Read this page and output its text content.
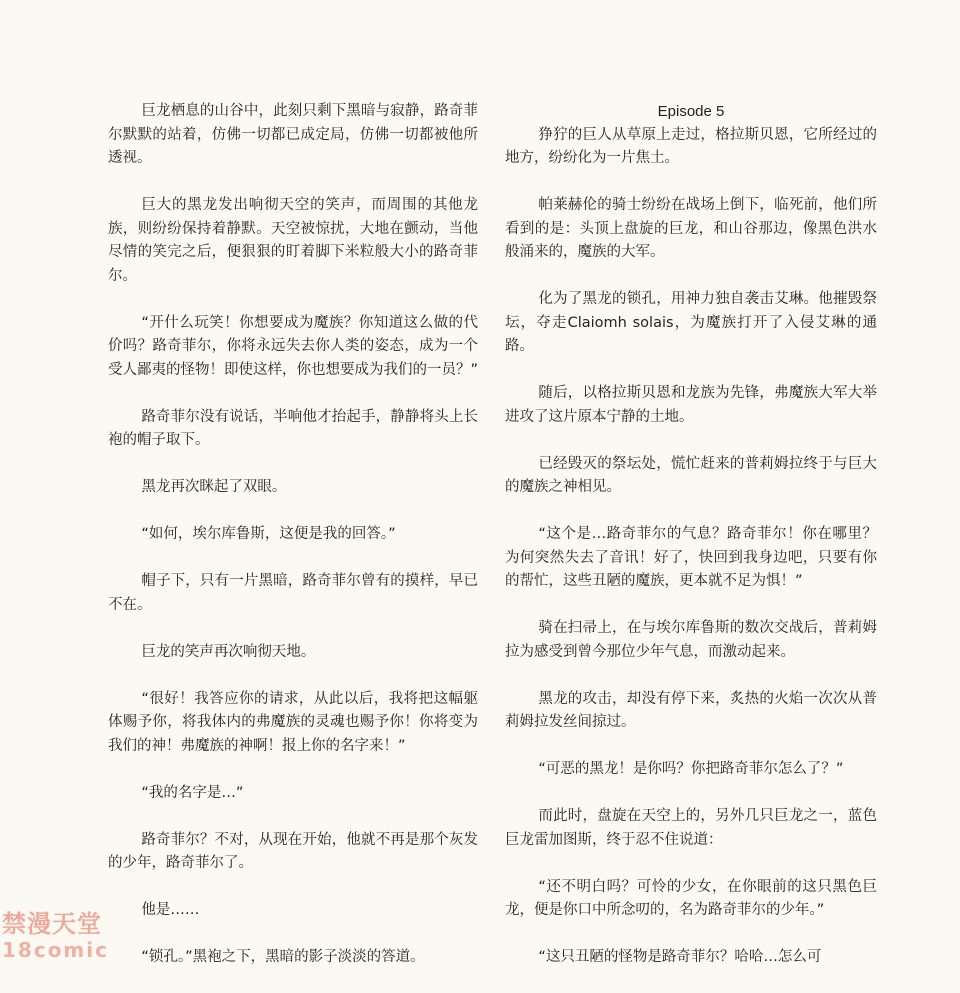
巨龙栖息的山谷中，此刻只剩下黑暗与寂静，路奇菲尔默默的站着，仿佛一切都已成定局，仿佛一切都被他所透视。

巨大的黑龙发出响彻天空的笑声，而周围的其他龙族，则纷纷保持着静默。天空被惊扰，大地在颤动，当他尽情的笑完之后，便狠狠的盯着脚下米粒般大小的路奇菲尔。

“开什么玩笑！你想要成为魔族？你知道这么做的代价吗？路奇菲尔，你将永远失去你人类的姿态，成为一个受人鄙夷的怪物！即使这样，你也想要成为我们的一员？”

路奇菲尔没有说话，半响他才抬起手，静静将头上长袍的帽子取下。

黑龙再次眯起了双眼。

“如何，埃尔库鲁斯，这便是我的回答。”

帽子下，只有一片黑暗，路奇菲尔曾有的摸样，早已不在。

巨龙的笑声再次响彻天地。

“很好！我答应你的请求，从此以后，我将把这幅躯体赐予你，将我体内的弗魔族的灵魂也赐予你！你将变为我们的神！弗魔族的神啊！报上你的名字来！”

“我的名字是…”

路奇菲尔？不对，从现在开始，他就不再是那个灰发的少年，路奇菲尔了。

他是……

“锁孔。”黑袍之下，黑暗的影子淡淡的答道。

Episode 5

狰狞的巨人从草原上走过，格拉斯贝恩，它所经过的地方，纷纷化为一片焦土。

帕莱赫伦的骑士纷纷在战场上倒下，临死前，他们所看到的是：头顶上盘旋的巨龙，和山谷那边，像黑色洪水般涌来的，魔族的大军。

化为了黑龙的锁孔，用神力独自袭击艾琳。他摧毁祭坛，夺走Claiomh solais，为魔族打开了入侵艾琳的通路。

随后，以格拉斯贝恩和龙族为先锋，弗魔族大军大举进攻了这片原本宁静的土地。

已经毁灭的祭坛处，慌忙赶来的普莉姆拉终于与巨大的魔族之神相见。

“这个是…路奇菲尔的气息？路奇菲尔！你在哪里？为何突然失去了音讯！好了，快回到我身边吧，只要有你的帮忙，这些丑陋的魔族，更本就不足为惧！”

骑在扫帚上，在与埃尔库鲁斯的数次交战后，普莉姆拉为感受到曾今那位少年气息，而激动起来。

黑龙的攻击，却没有停下来，炙热的火焰一次次从普莉姆拉发丝间掠过。

“可恶的黑龙！是你吗？你把路奇菲尔怎么了？”

而此时，盘旋在天空上的，另外几只巨龙之一，蓝色巨龙雷加图斯，终于忍不住说道：

“还不明白吗？可怜的少女，在你眼前的这只黑色巨龙，便是你口中所念叨的，名为路奇菲尔的少年。”

“这只丑陋的怪物是路奇菲尔？哈哈…怎么可

禁漫天堂
18comic
